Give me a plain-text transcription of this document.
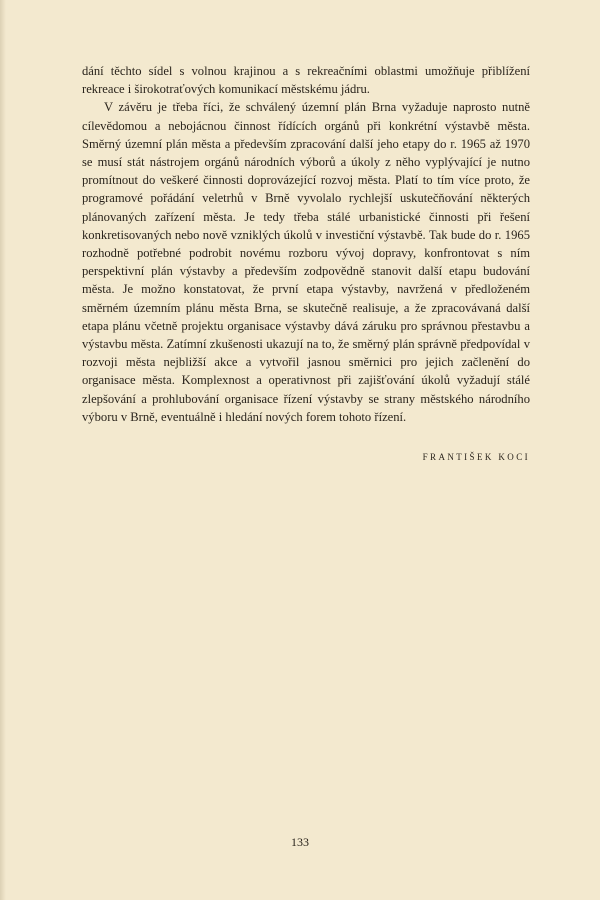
dání těchto sídel s volnou krajinou a s rekreačními oblastmi umožňuje přiblížení rekreace i širokotraťových komunikací městskému jádru.

V závěru je třeba říci, že schválený územní plán Brna vyžaduje naprosto nutně cílevědomou a nebojácnou činnost řídících orgánů při konkrétní výstavbě města. Směrný územní plán města a především zpracování další jeho etapy do r. 1965 až 1970 se musí stát nástrojem orgánů národních výborů a úkoly z něho vyplývající je nutno promítnout do veškeré činnosti doprovázející rozvoj města. Platí to tím více proto, že programové pořádání veletrhů v Brně vyvolalo rychlejší uskutečňování některých plánovaných zařízení města. Je tedy třeba stálé urbanistické činnosti při řešení konkretisovaných nebo nově vzniklých úkolů v investiční výstavbě. Tak bude do r. 1965 rozhodně potřebné podrobit novému rozboru vývoj dopravy, konfrontovat s ním perspektivní plán výstavby a především zodpovědně stanovit další etapu budování města. Je možno konstatovat, že první etapa výstavby, navržená v předloženém směrném územním plánu města Brna, se skutečně realisuje, a že zpracovávaná další etapa plánu včetně projektu organisace výstavby dává záruku pro správnou přestavbu a výstavbu města. Zatímní zkušenosti ukazují na to, že směrný plán správně předpovídal v rozvoji města nejbližší akce a vytvořil jasnou směrnici pro jejich začlenění do organisace města. Komplexnost a operativnost při zajišťování úkolů vyžadují stálé zlepšování a prohlubování organisace řízení výstavby se strany městského národního výboru v Brně, eventuálně i hledání nových forem tohoto řízení.

FRANTIŠEK KOCI
133
